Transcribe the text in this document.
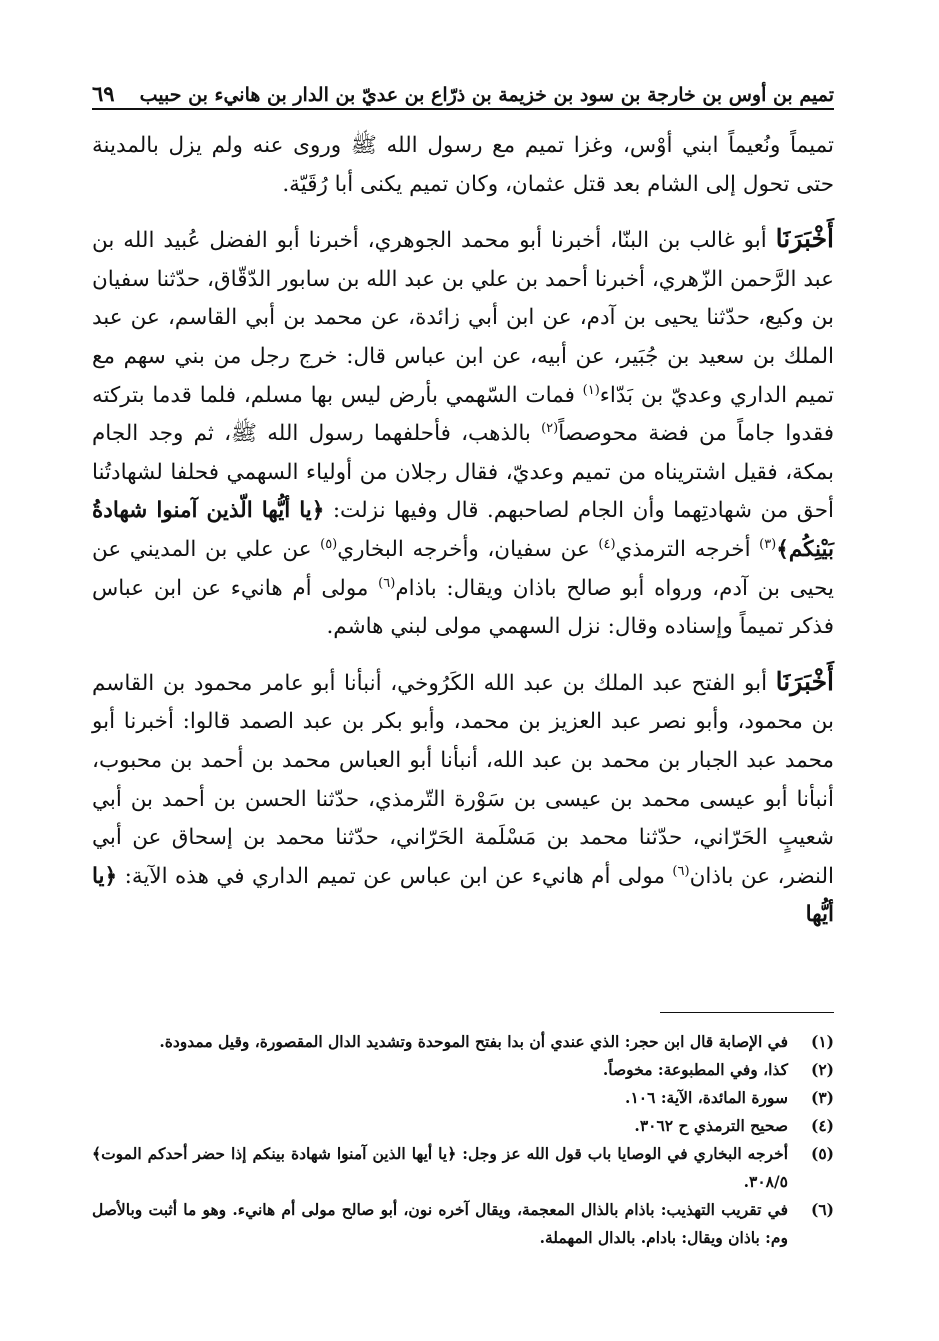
تميم بن أوس بن خارجة بن سود بن خزيمة بن ذرّاع بن عديّ بن الدار بن هانيء بن حبيب
٦٩

تميماً ونُعيماً ابني أوْس، وغزا تميم مع رسول الله ﷺ وروى عنه ولم يزل بالمدينة حتى تحول إلى الشام بعد قتل عثمان، وكان تميم يكنى أبا رُقَيّة.

أَخْبَرَنَا أبو غالب بن البنّا، أخبرنا أبو محمد الجوهري، أخبرنا أبو الفضل عُبيد الله بن عبد الرَّحمن الزّهري، أخبرنا أحمد بن علي بن عبد الله بن سابور الدّقّاق، حدّثنا سفيان بن وكيع، حدّثنا يحيى بن آدم، عن ابن أبي زائدة، عن محمد بن أبي القاسم، عن عبد الملك بن سعيد بن جُبَير، عن أبيه، عن ابن عباس قال: خرج رجل من بني سهم مع تميم الداري وعديّ بن بَدّاء$^{(١)}$ فمات السّهمي بأرض ليس بها مسلم، فلما قدما بتركته فقدوا جاماً من فضة محوصصاً$^{(٢)}$ بالذهب، فأحلفهما رسول الله ﷺ، ثم وجد الجام بمكة، فقيل اشتريناه من تميم وعديّ، فقال رجلان من أولياء السهمي فحلفا لشهادتُنا أحق من شهادتِهما وأن الجام لصاحبهم. قال وفيها نزلت: ﴿يا أيُّها الّذين آمنوا شهادةُ بَيْنِكُم﴾$^{(٣)}$ أخرجه الترمذي$^{(٤)}$ عن سفيان، وأخرجه البخاري$^{(٥)}$ عن علي بن المديني عن يحيى بن آدم، ورواه أبو صالح باذان ويقال: باذام$^{(٦)}$ مولى أم هانيء عن ابن عباس فذكر تميماً وإسناده وقال: نزل السهمي مولى لبني هاشم.

أَخْبَرَنَا أبو الفتح عبد الملك بن عبد الله الكَرُوخي، أنبأنا أبو عامر محمود بن القاسم بن محمود، وأبو نصر عبد العزيز بن محمد، وأبو بكر بن عبد الصمد قالوا: أخبرنا أبو محمد عبد الجبار بن محمد بن عبد الله، أنبأنا أبو العباس محمد بن أحمد بن محبوب، أنبأنا أبو عيسى محمد بن عيسى بن سَوْرة التّرمذي، حدّثنا الحسن بن أحمد بن أبي شعيبٍ الحَرّاني، حدّثنا محمد بن مَسْلَمة الحَرّاني، حدّثنا محمد بن إسحاق عن أبي النضر، عن باذان$^{(٦)}$ مولى أم هانيء عن ابن عباس عن تميم الداري في هذه الآية: ﴿يا أيُّها

(١)
في الإصابة قال ابن حجر: الذي عندي أن بدا بفتح الموحدة وتشديد الدال المقصورة، وقيل ممدودة.
(٢)
كذا، وفي المطبوعة: مخوصاً.
(٣)
سورة المائدة، الآية: ١٠٦.
(٤)
صحيح الترمذي ح ٣٠٦٢.
(٥)
أخرجه البخاري في الوصايا باب قول الله عز وجل: ﴿يا أيها الذين آمنوا شهادة بينكم إذا حضر أحدكم الموت﴾ ٣٠٨/٥.
(٦)
في تقريب التهذيب: باذام بالذال المعجمة، ويقال آخره نون، أبو صالح مولى أم هانيء. وهو ما أثبت وبالأصل وم: باذان ويقال: بادام. بالدال المهملة.
